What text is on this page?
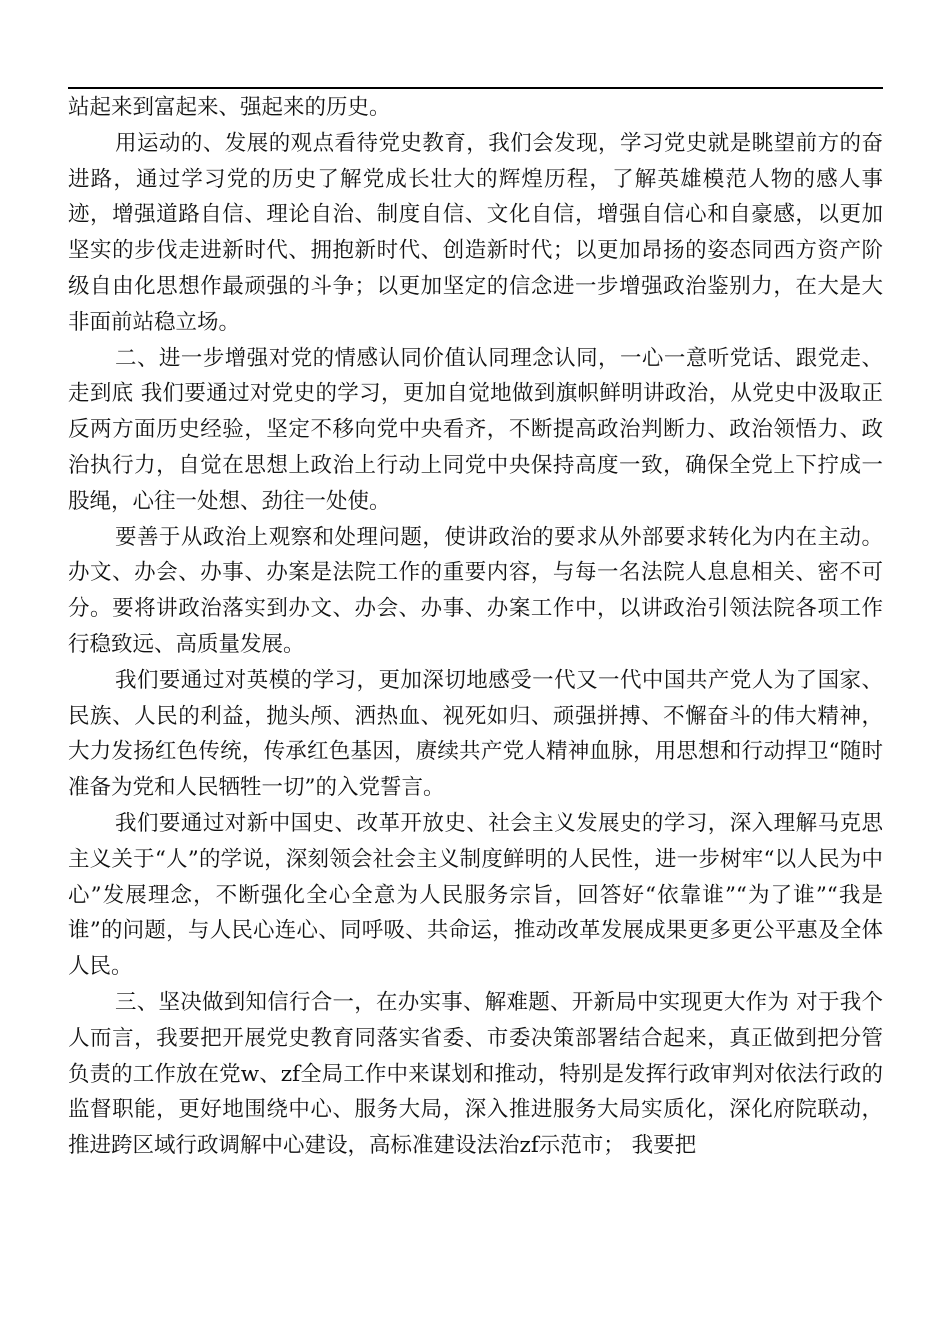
站起来到富起来、强起来的历史。

用运动的、发展的观点看待党史教育，我们会发现，学习党史就是眺望前方的奋进路，通过学习党的历史了解党成长壮大的辉煌历程，了解英雄模范人物的感人事迹，增强道路自信、理论自治、制度自信、文化自信，增强自信心和自豪感，以更加坚实的步伐走进新时代、拥抱新时代、创造新时代；以更加昂扬的姿态同西方资产阶级自由化思想作最顽强的斗争；以更加坚定的信念进一步增强政治鉴别力，在大是大非面前站稳立场。

二、进一步增强对党的情感认同价值认同理念认同，一心一意听党话、跟党走、走到底 我们要通过对党史的学习，更加自觉地做到旗帜鲜明讲政治，从党史中汲取正反两方面历史经验，坚定不移向党中央看齐，不断提高政治判断力、政治领悟力、政治执行力，自觉在思想上政治上行动上同党中央保持高度一致，确保全党上下拧成一股绳，心往一处想、劲往一处使。

要善于从政治上观察和处理问题，使讲政治的要求从外部要求转化为内在主动。办文、办会、办事、办案是法院工作的重要内容，与每一名法院人息息相关、密不可分。要将讲政治落实到办文、办会、办事、办案工作中，以讲政治引领法院各项工作行稳致远、高质量发展。

我们要通过对英模的学习，更加深切地感受一代又一代中国共产党人为了国家、民族、人民的利益，抛头颅、洒热血、视死如归、顽强拼搏、不懈奋斗的伟大精神，大力发扬红色传统，传承红色基因，赓续共产党人精神血脉，用思想和行动捍卫“随时准备为党和人民牺牲一切”的入党誓言。

我们要通过对新中国史、改革开放史、社会主义发展史的学习，深入理解马克思主义关于“人”的学说，深刻领会社会主义制度鲜明的人民性，进一步树牢“以人民为中心”发展理念，不断强化全心全意为人民服务宗旨，回答好“依靠谁”“为了谁”“我是谁”的问题，与人民心连心、同呼吸、共命运，推动改革发展成果更多更公平惠及全体人民。

三、坚决做到知信行合一，在办实事、解难题、开新局中实现更大作为 对于我个人而言，我要把开展党史教育同落实省委、市委决策部署结合起来，真正做到把分管负责的工作放在党w、zf全局工作中来谋划和推动，特别是发挥行政审判对依法行政的监督职能，更好地围绕中心、服务大局，深入推进服务大局实质化，深化府院联动，推进跨区域行政调解中心建设，高标准建设法治zf示范市； 我要把
